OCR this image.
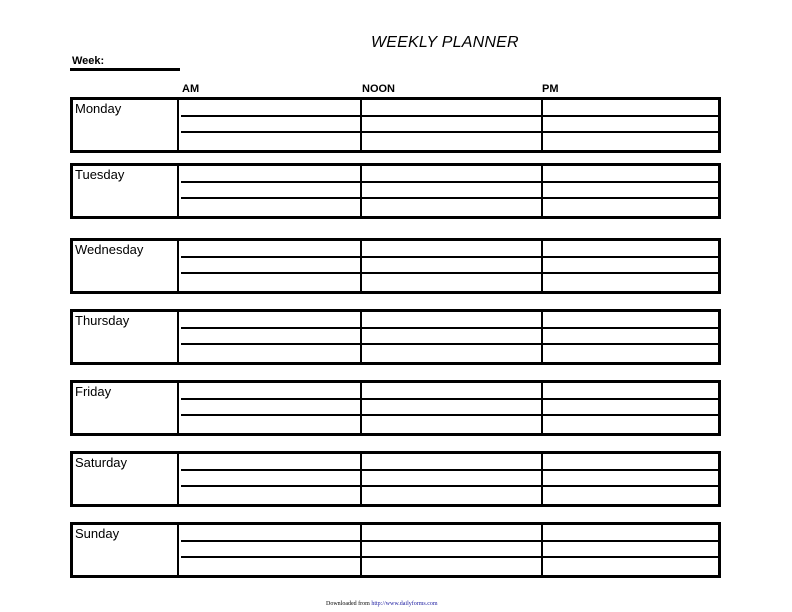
WEEKLY PLANNER
Week:
AM	NOON	PM
Monday
Tuesday
Wednesday
Thursday
Friday
Saturday
Sunday
Downloaded from http://www.dailyforms.com
